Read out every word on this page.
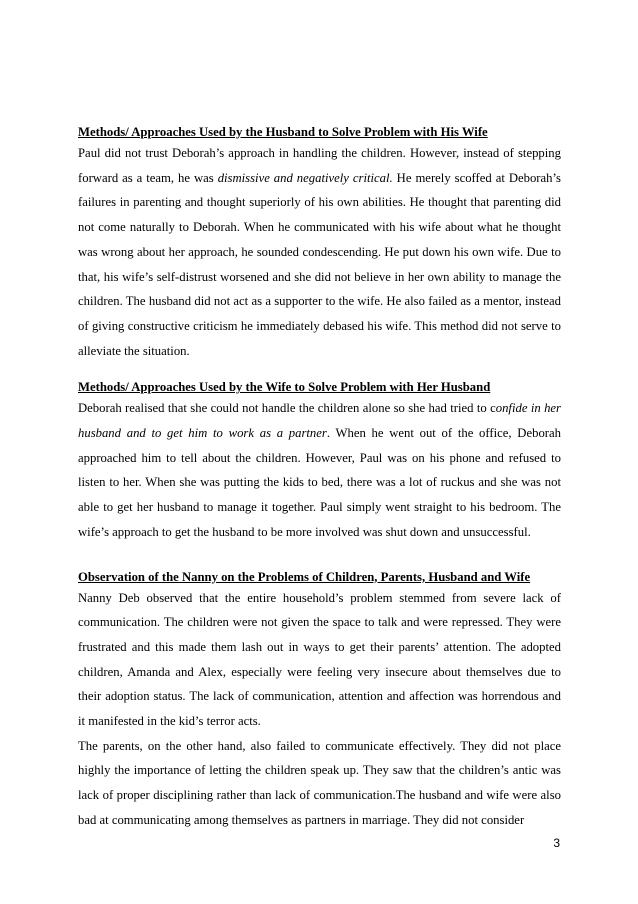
Methods/ Approaches Used by the Husband to Solve Problem with His Wife

Paul did not trust Deborah’s approach in handling the children. However, instead of stepping forward as a team, he was dismissive and negatively critical. He merely scoffed at Deborah’s failures in parenting and thought superiorly of his own abilities. He thought that parenting did not come naturally to Deborah. When he communicated with his wife about what he thought was wrong about her approach, he sounded condescending. He put down his own wife. Due to that, his wife’s self-distrust worsened and she did not believe in her own ability to manage the children. The husband did not act as a supporter to the wife. He also failed as a mentor, instead of giving constructive criticism he immediately debased his wife. This method did not serve to alleviate the situation.

Methods/ Approaches Used by the Wife to Solve Problem with Her Husband

Deborah realised that she could not handle the children alone so she had tried to confide in her husband and to get him to work as a partner. When he went out of the office, Deborah approached him to tell about the children. However, Paul was on his phone and refused to listen to her. When she was putting the kids to bed, there was a lot of ruckus and she was not able to get her husband to manage it together. Paul simply went straight to his bedroom. The wife’s approach to get the husband to be more involved was shut down and unsuccessful.

Observation of the Nanny on the Problems of Children, Parents, Husband and Wife

Nanny Deb observed that the entire household’s problem stemmed from severe lack of communication. The children were not given the space to talk and were repressed. They were frustrated and this made them lash out in ways to get their parents’ attention. The adopted children, Amanda and Alex, especially were feeling very insecure about themselves due to their adoption status. The lack of communication, attention and affection was horrendous and it manifested in the kid’s terror acts.

The parents, on the other hand, also failed to communicate effectively. They did not place highly the importance of letting the children speak up. They saw that the children’s antic was lack of proper disciplining rather than lack of communication.The husband and wife were also bad at communicating among themselves as partners in marriage. They did not consider

3
